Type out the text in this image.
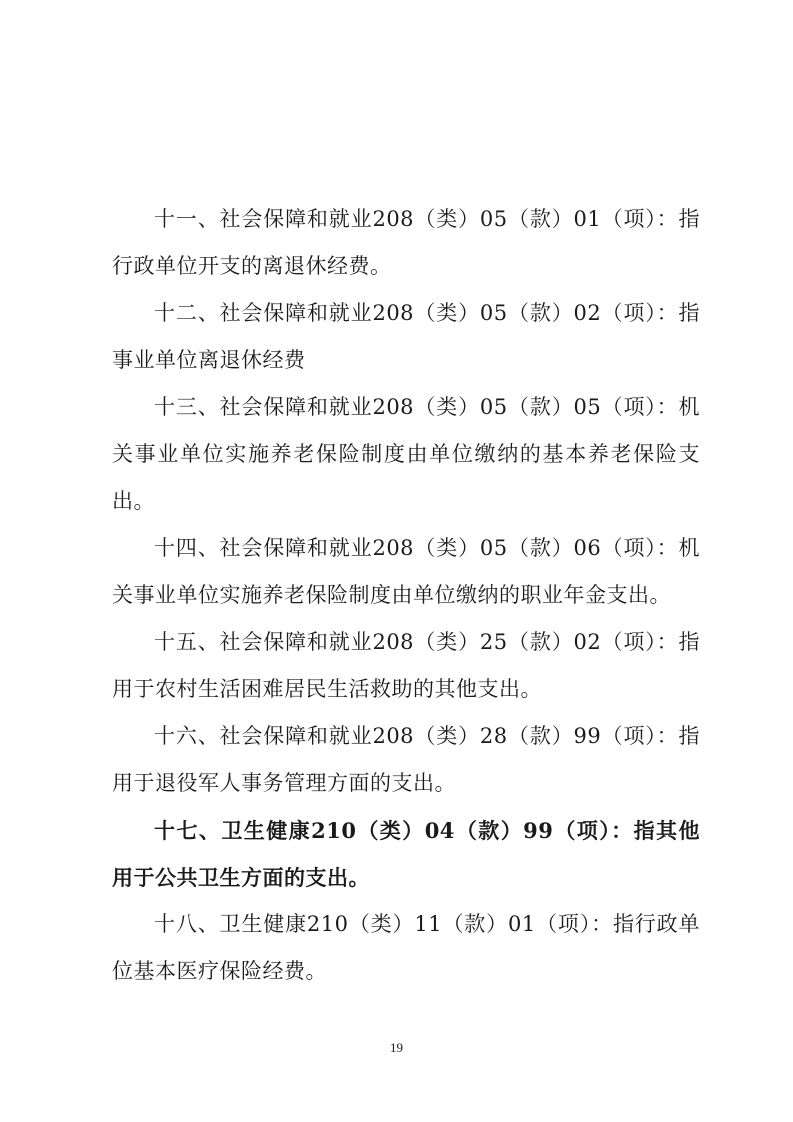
十一、社会保障和就业208（类）05（款）01（项）：指行政单位开支的离退休经费。

十二、社会保障和就业208（类）05（款）02（项）：指事业单位离退休经费

十三、社会保障和就业208（类）05（款）05（项）：机关事业单位实施养老保险制度由单位缴纳的基本养老保险支出。

十四、社会保障和就业208（类）05（款）06（项）：机关事业单位实施养老保险制度由单位缴纳的职业年金支出。

十五、社会保障和就业208（类）25（款）02（项）：指用于农村生活困难居民生活救助的其他支出。

十六、社会保障和就业208（类）28（款）99（项）：指用于退役军人事务管理方面的支出。

十七、卫生健康210（类）04（款）99（项）：指其他用于公共卫生方面的支出。

十八、卫生健康210（类）11（款）01（项）：指行政单位基本医疗保险经费。

19
